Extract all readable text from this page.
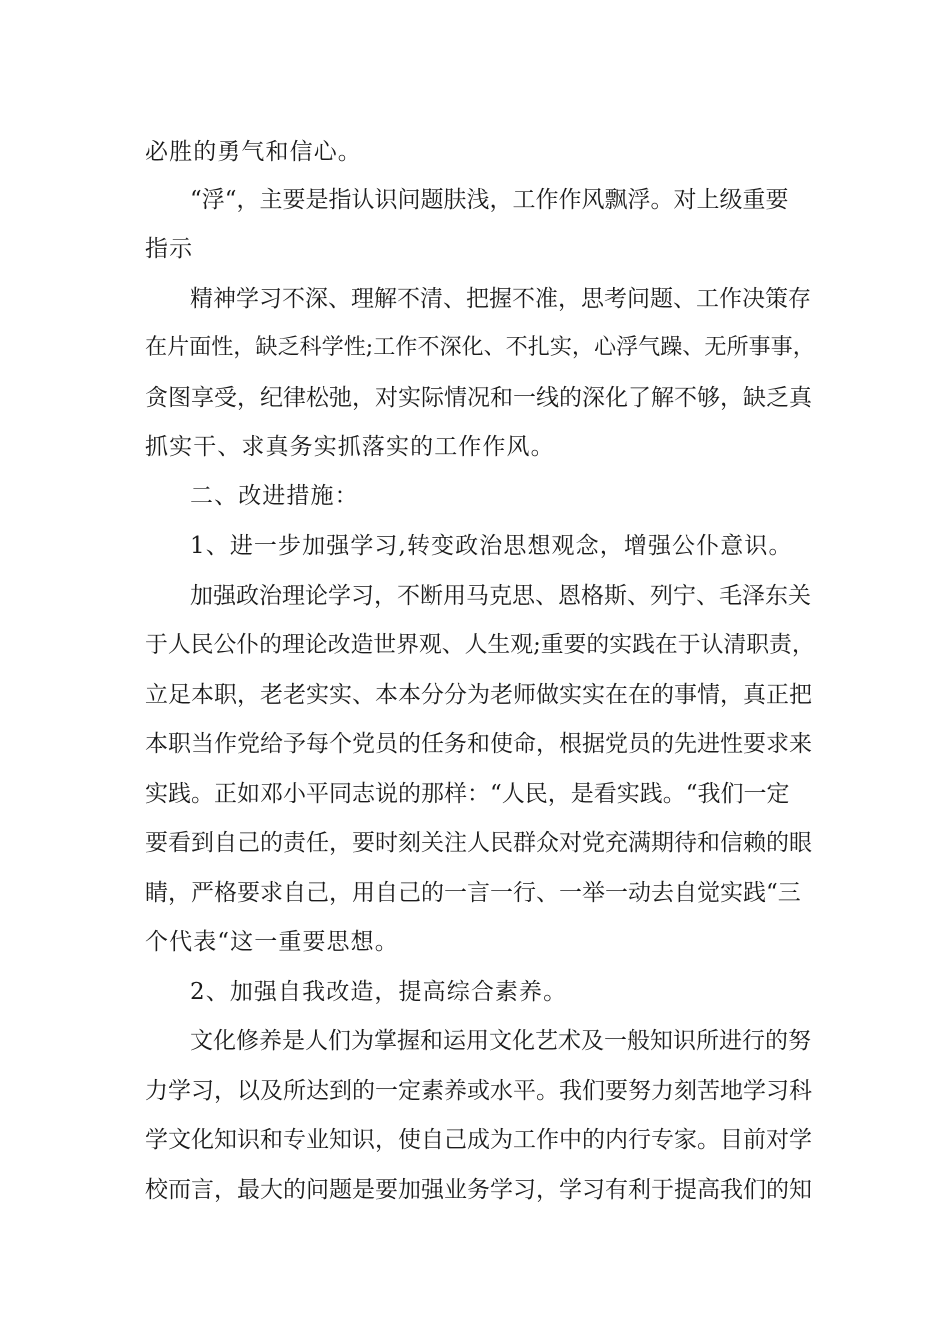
必胜的勇气和信心。

“浮“，主要是指认识问题肤浅，工作作风飘浮。对上级重要

指示

精神学习不深、理解不清、把握不准，思考问题、工作决策存

在片面性，缺乏科学性;工作不深化、不扎实，心浮气躁、无所事事，

贪图享受，纪律松弛，对实际情况和一线的深化了解不够，缺乏真

抓实干、求真务实抓落实的工作作风。

二、改进措施：

1、进一步加强学习,转变政治思想观念，增强公仆意识。

加强政治理论学习，不断用马克思、恩格斯、列宁、毛泽东关

于人民公仆的理论改造世界观、人生观;重要的实践在于认清职责，

立足本职，老老实实、本本分分为老师做实实在在的事情，真正把

本职当作党给予每个党员的任务和使命，根据党员的先进性要求来

实践。正如邓小平同志说的那样：“人民，是看实践。“我们一定

要看到自己的责任，要时刻关注人民群众对党充满期待和信赖的眼

睛，严格要求自己，用自己的一言一行、一举一动去自觉实践“三

个代表“这一重要思想。

2、加强自我改造，提高综合素养。

文化修养是人们为掌握和运用文化艺术及一般知识所进行的努

力学习，以及所达到的一定素养或水平。我们要努力刻苦地学习科

学文化知识和专业知识，使自己成为工作中的内行专家。目前对学

校而言，最大的问题是要加强业务学习，学习有利于提高我们的知
